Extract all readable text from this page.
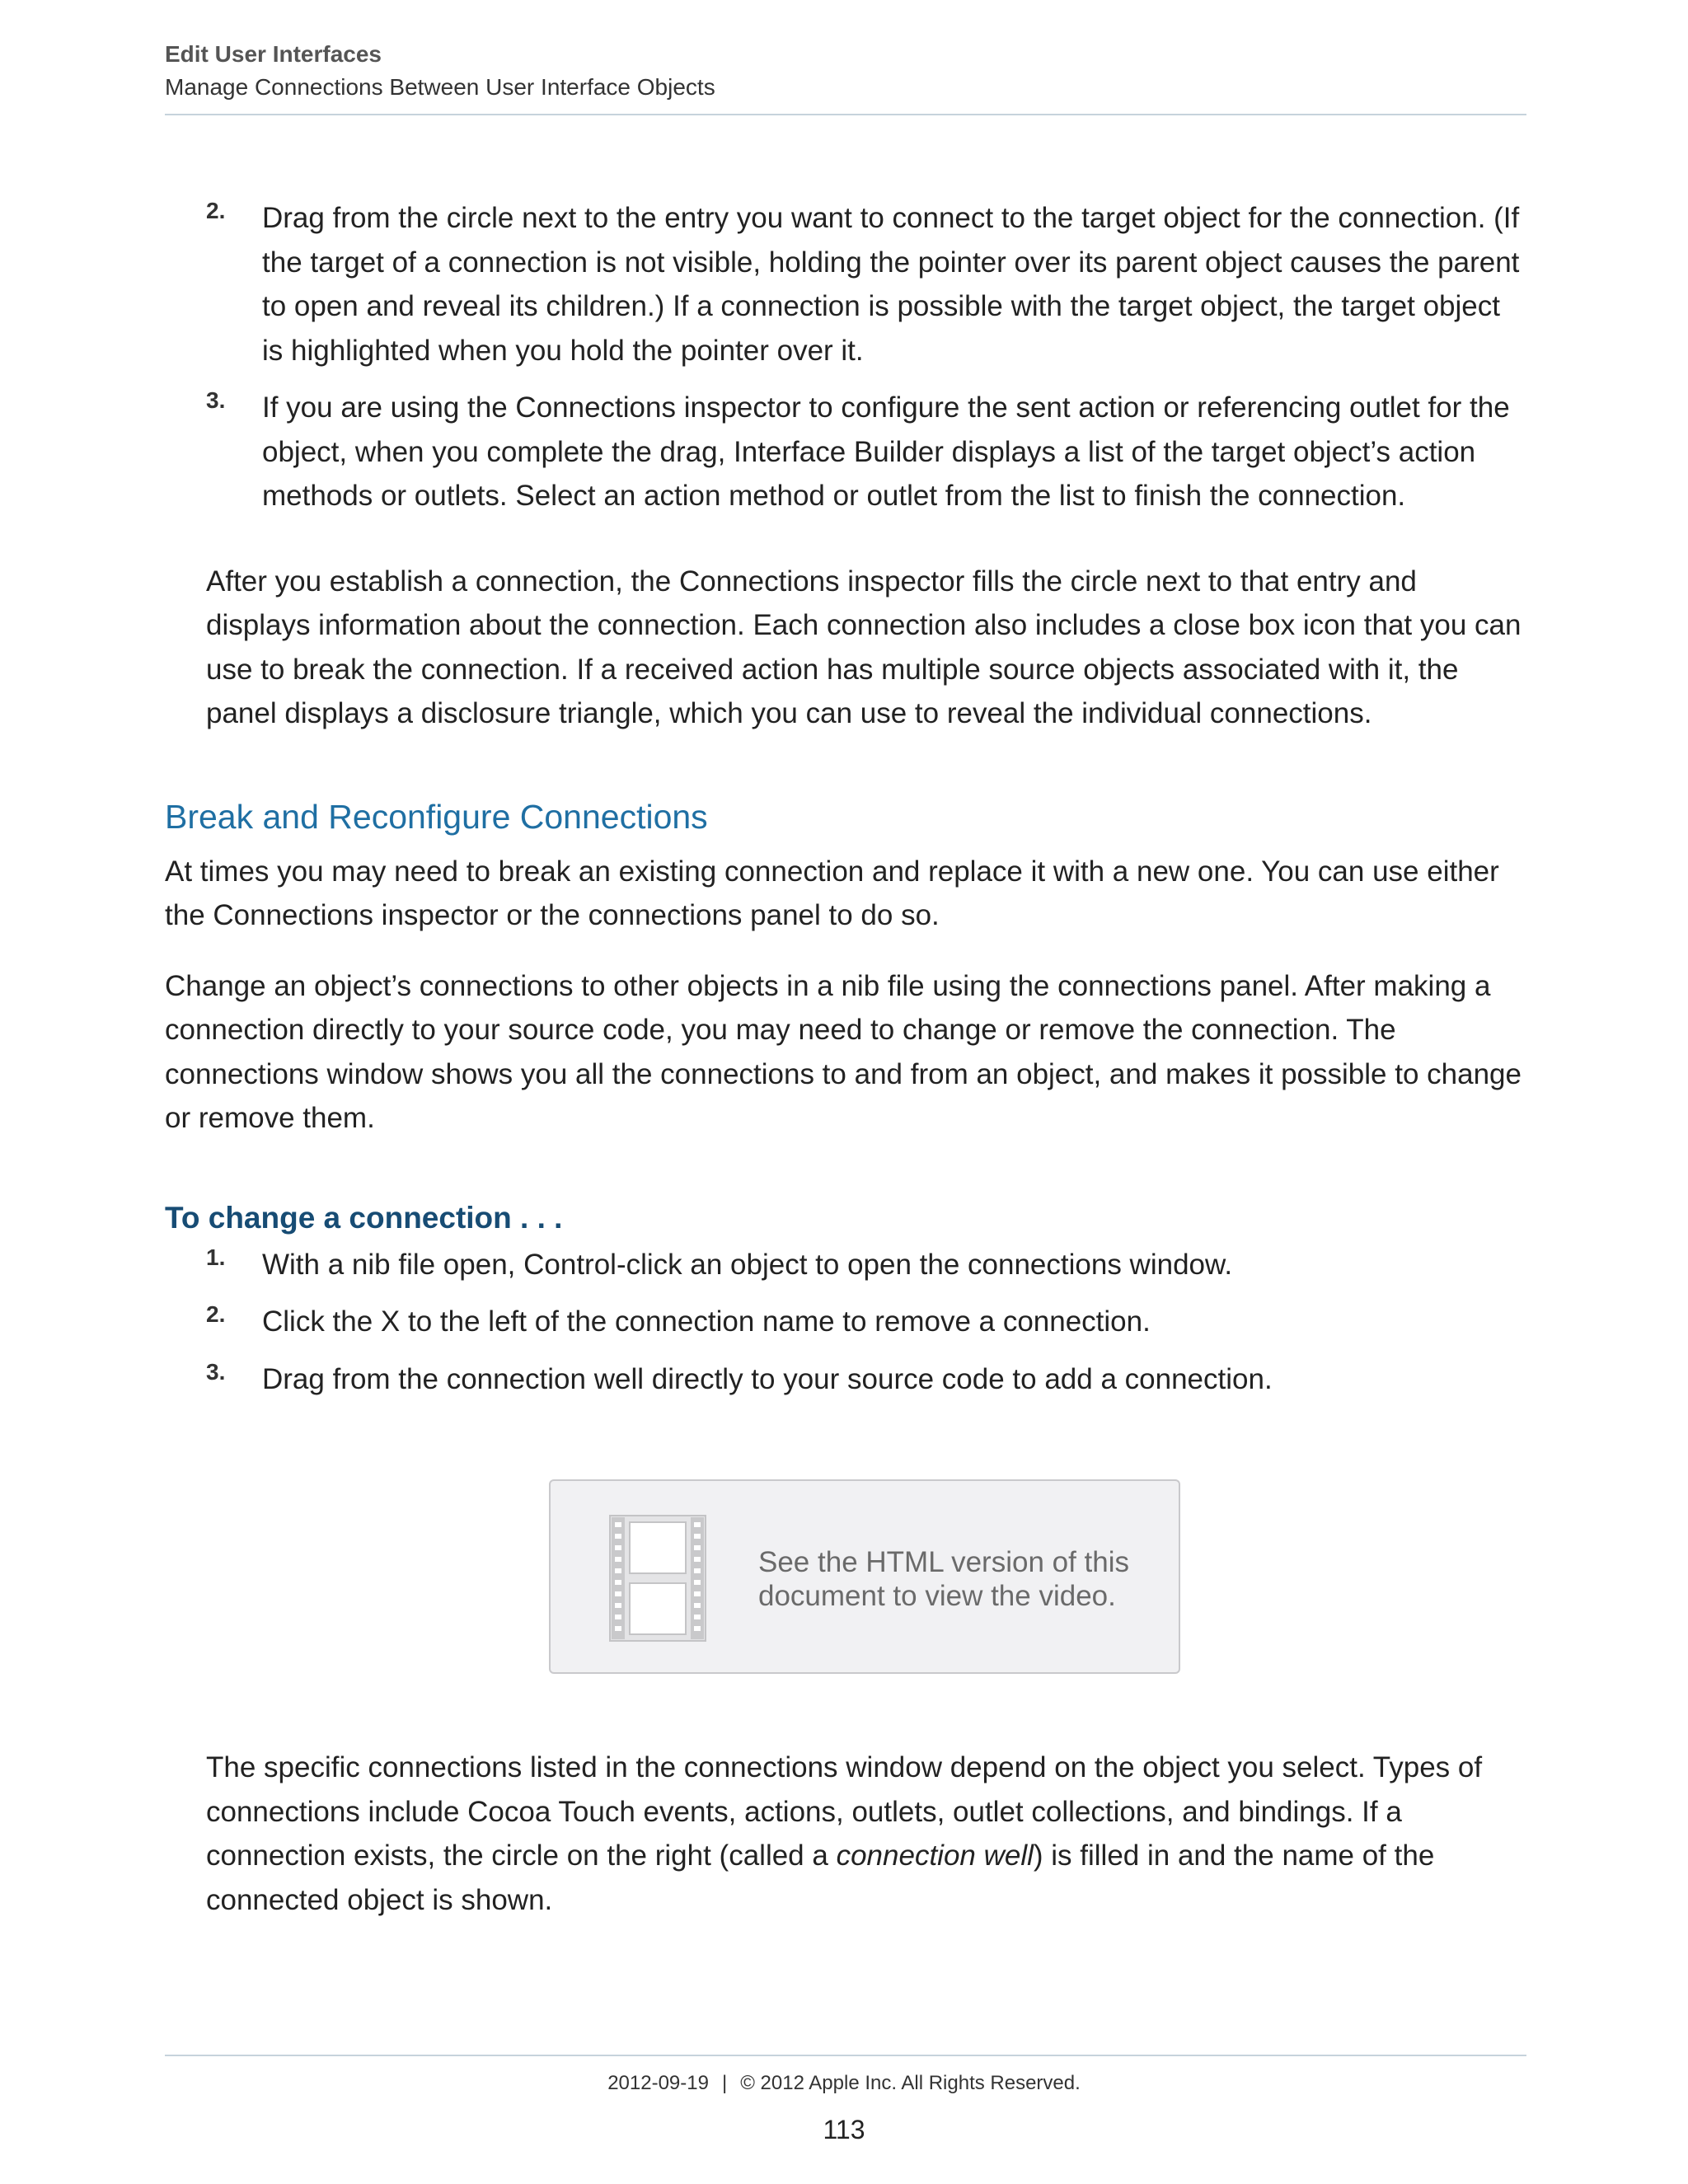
Edit User Interfaces
Manage Connections Between User Interface Objects
2. Drag from the circle next to the entry you want to connect to the target object for the connection. (If the target of a connection is not visible, holding the pointer over its parent object causes the parent to open and reveal its children.) If a connection is possible with the target object, the target object is highlighted when you hold the pointer over it.
3. If you are using the Connections inspector to configure the sent action or referencing outlet for the object, when you complete the drag, Interface Builder displays a list of the target object’s action methods or outlets. Select an action method or outlet from the list to finish the connection.

After you establish a connection, the Connections inspector fills the circle next to that entry and displays information about the connection. Each connection also includes a close box icon that you can use to break the connection. If a received action has multiple source objects associated with it, the panel displays a disclosure triangle, which you can use to reveal the individual connections.

Break and Reconfigure Connections

At times you may need to break an existing connection and replace it with a new one. You can use either the Connections inspector or the connections panel to do so.

Change an object’s connections to other objects in a nib file using the connections panel. After making a connection directly to your source code, you may need to change or remove the connection. The connections window shows you all the connections to and from an object, and makes it possible to change or remove them.

To change a connection . . .
1. With a nib file open, Control-click an object to open the connections window.
2. Click the X to the left of the connection name to remove a connection.
3. Drag from the connection well directly to your source code to add a connection.
See the HTML version of this
document to view the video.

The specific connections listed in the connections window depend on the object you select. Types of connections include Cocoa Touch events, actions, outlets, outlet collections, and bindings. If a connection exists, the circle on the right (called a connection well) is filled in and the name of the connected object is shown.

2012-09-19 | © 2012 Apple Inc. All Rights Reserved.
113
